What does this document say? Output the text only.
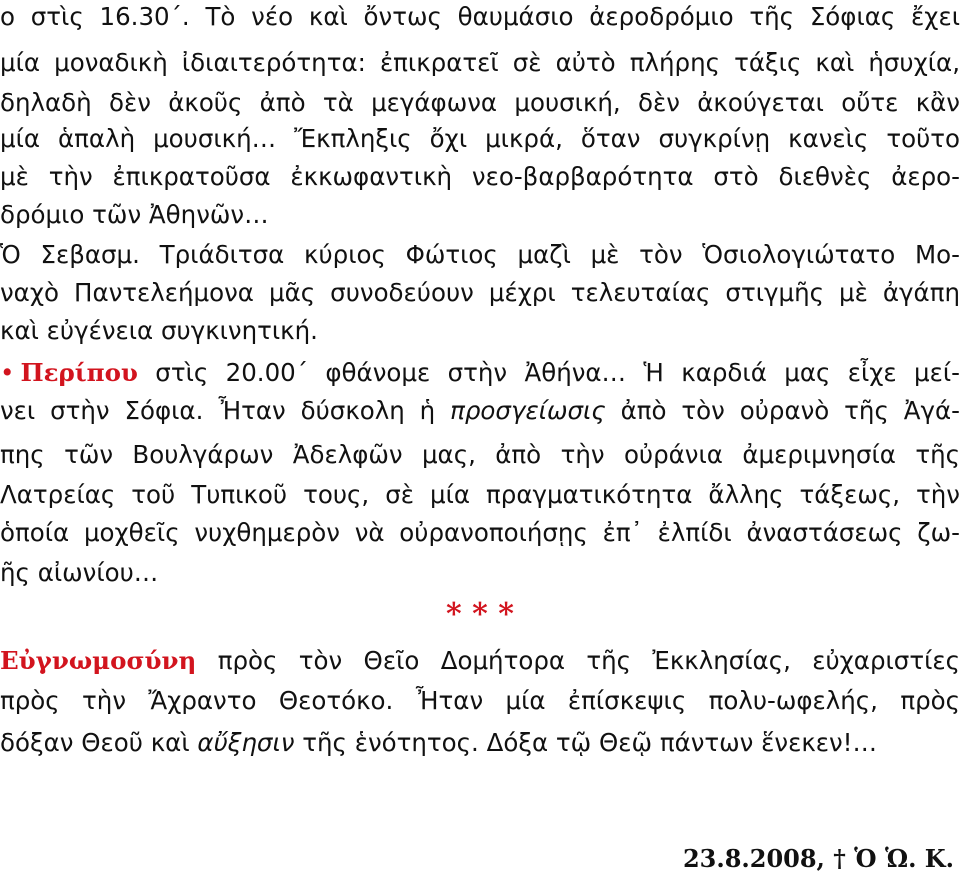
ο στὶς 16.30΄. Τὸ νέο καὶ ὄντως θαυμάσιο ἀεροδρόμιο τῆς Σόφιας ἔχει
μία μοναδικὴ ἰδιαιτερότητα: ἐπικρατεῖ σὲ αὐτὸ πλήρης τάξις καὶ ἡσυχία,
δηλαδὴ δὲν ἀκοῦς ἀπὸ τὰ μεγάφωνα μουσική, δὲν ἀκούγεται οὔτε κἂν
μία ἁπαλὴ μουσική… Ἔκπληξις ὄχι μικρά, ὅταν συγκρίνῃ κανεὶς τοῦτο
μὲ τὴν ἐπικρατοῦσα ἐκκωφαντικὴ νεο-βαρβαρότητα στὸ διεθνὲς ἀερο-
δρόμιο τῶν Ἀθηνῶν…
Ὁ Σεβασμ. Τριάδιτσα κύριος Φώτιος μαζὶ μὲ τὸν Ὁσιολογιώτατο Μο-
ναχὸ Παντελεήμονα μᾶς συνοδεύουν μέχρι τελευταίας στιγμῆς μὲ ἀγάπη
καὶ εὐγένεια συγκινητική.
• Περίπου στὶς 20.00΄ φθάνομε στὴν Ἀθήνα… Ἡ καρδιά μας εἶχε μεί-
νει στὴν Σόφια. Ἦταν δύσκολη ἡ προσγείωσις ἀπὸ τὸν οὐρανὸ τῆς Ἀγά-
πης τῶν Βουλγάρων Ἀδελφῶν μας, ἀπὸ τὴν οὐράνια ἀμεριμνησία τῆς
Λατρείας τοῦ Τυπικοῦ τους, σὲ μία πραγματικότητα ἄλλης τάξεως, τὴν
ὁποία μοχθεῖς νυχθημερὸν νὰ οὐρανοποιήσῃς ἐπ᾽ ἐλπίδι ἀναστάσεως ζω-
ῆς αἰωνίου…
* * *
Εὐγνωμοσύνη πρὸς τὸν Θεῖο Δομήτορα τῆς Ἐκκλησίας, εὐχαριστίες
πρὸς τὴν Ἄχραντο Θεοτόκο. Ἦταν μία ἐπίσκεψις πολυ-ωφελής, πρὸς
δόξαν Θεοῦ καὶ αὔξησιν τῆς ἑνότητος. Δόξα τῷ Θεῷ πάντων ἕνεκεν!…
23.8.2008, † Ὁ Ὡ. Κ.
